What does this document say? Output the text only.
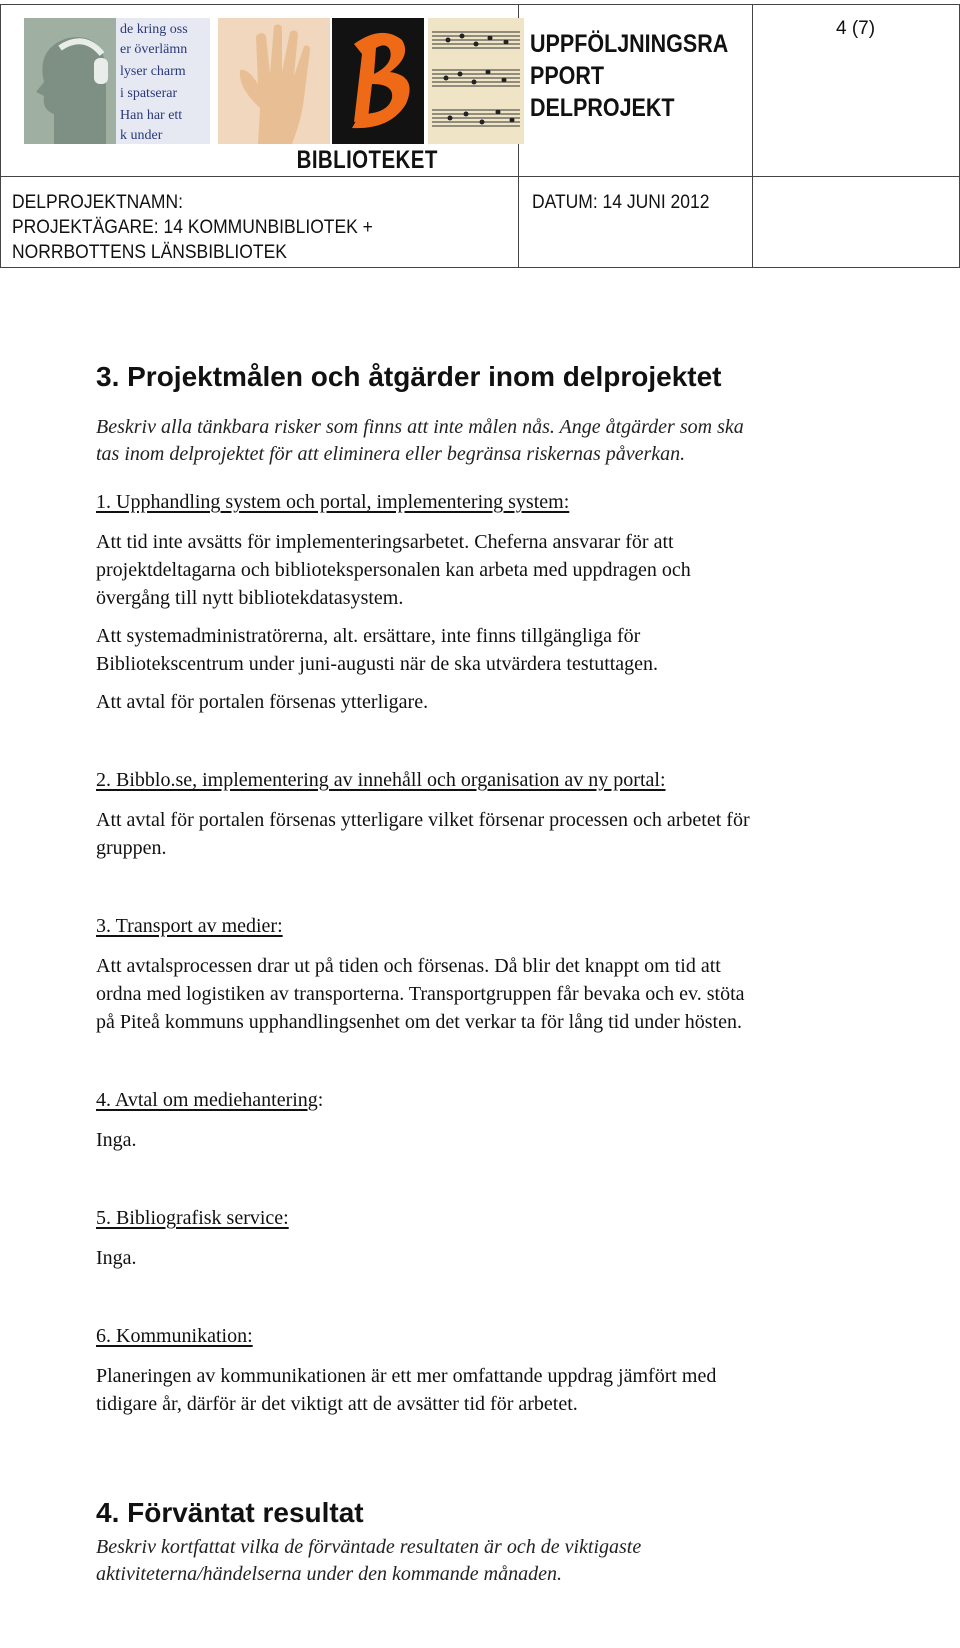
de kring oss
er överlämn
lyser charm
i spatserar
Han har ett
k under
BIBLIOTEKET
UPPFÖLJNINGSRA
PPORT
DELPROJEKT
4 (7)
DELPROJEKTNAMN:
PROJEKTÄGARE: 14 KOMMUNBIBLIOTEK +
NORRBOTTENS LÄNSBIBLIOTEK
DATUM: 14 JUNI 2012
3. Projektmålen och åtgärder inom delprojektet

Beskriv alla tänkbara risker som finns att inte målen nås. Ange åtgärder som ska

tas inom delprojektet för att eliminera eller begränsa riskernas påverkan.

1. Upphandling system och portal, implementering system:

Att tid inte avsätts för implementeringsarbetet. Cheferna ansvarar för att

projektdeltagarna och bibliotekspersonalen kan arbeta med uppdragen och

övergång till nytt bibliotekdatasystem.

Att systemadministratörerna, alt. ersättare, inte finns tillgängliga för

Bibliotekscentrum under juni-augusti när de ska utvärdera testuttagen.

Att avtal för portalen försenas ytterligare.

2. Bibblo.se, implementering av innehåll och organisation av ny portal:

Att avtal för portalen försenas ytterligare vilket försenar processen och arbetet för

gruppen.

3. Transport av medier:

Att avtalsprocessen drar ut på tiden och försenas. Då blir det knappt om tid att

ordna med logistiken av transporterna. Transportgruppen får bevaka och ev. stöta

på Piteå kommuns upphandlingsenhet om det verkar ta för lång tid under hösten.

4. Avtal om mediehantering:

Inga.

5. Bibliografisk service:

Inga.

6. Kommunikation:

Planeringen av kommunikationen är ett mer omfattande uppdrag jämfört med

tidigare år, därför är det viktigt att de avsätter tid för arbetet.

4. Förväntat resultat

Beskriv kortfattat vilka de förväntade resultaten är och de viktigaste

aktiviteterna/händelserna under den kommande månaden.
